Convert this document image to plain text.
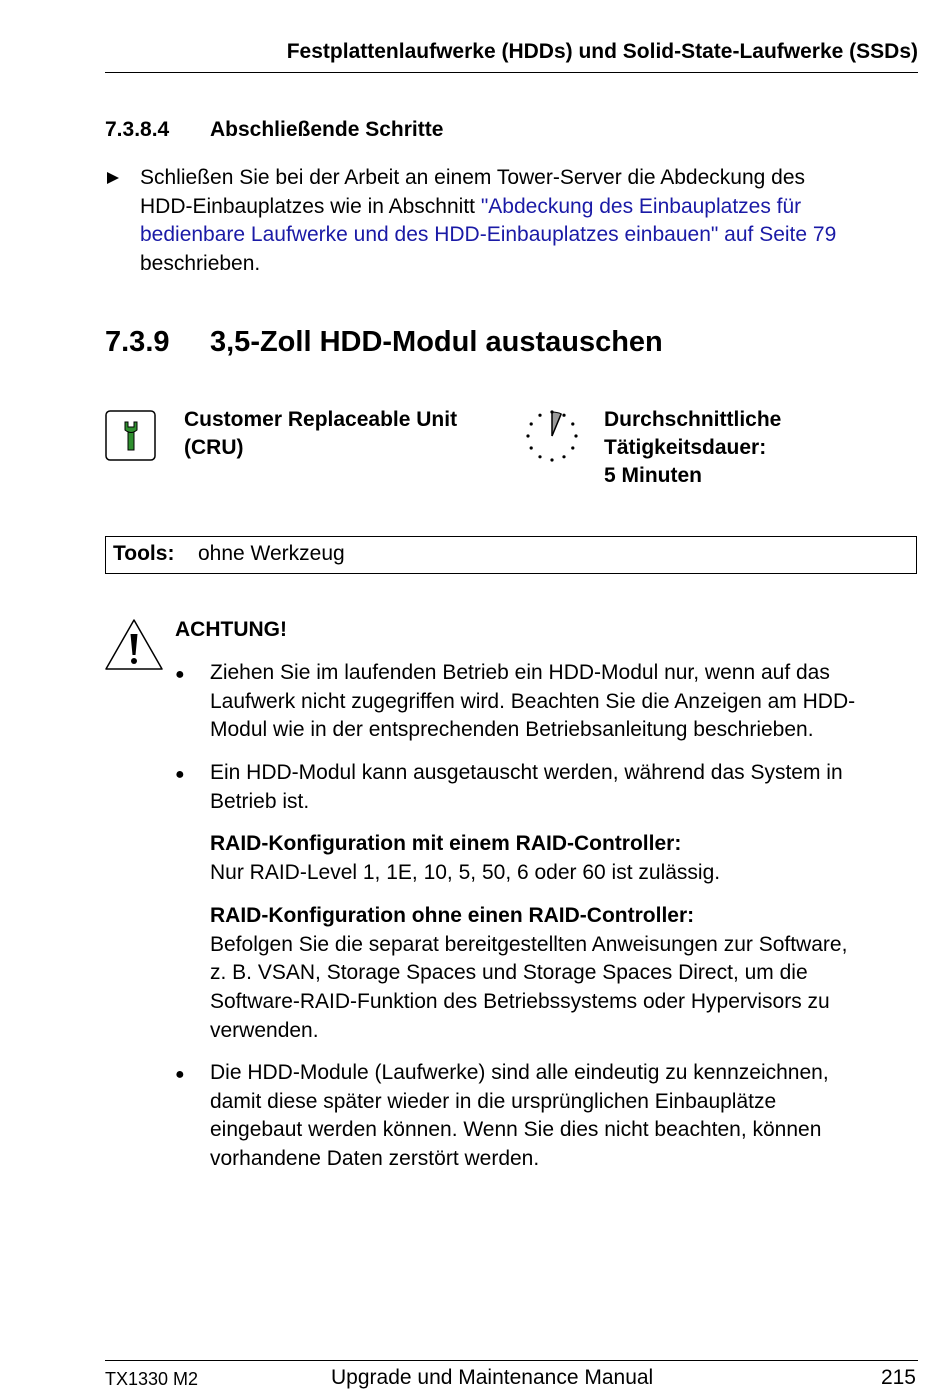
Festplattenlaufwerke (HDDs) und Solid-State-Laufwerke (SSDs)
7.3.8.4 Abschließende Schritte
Schließen Sie bei der Arbeit an einem Tower-Server die Abdeckung des
HDD-Einbauplatzes wie in Abschnitt "Abdeckung des Einbauplatzes für
bedienbare Laufwerke und des HDD-Einbauplatzes einbauen" auf Seite 79
beschrieben.
7.3.9 3,5-Zoll HDD-Modul austauschen
Customer Replaceable Unit
(CRU)
Durchschnittliche
Tätigkeitsdauer:
5 Minuten
Tools: ohne Werkzeug
ACHTUNG!
● Ziehen Sie im laufenden Betrieb ein HDD-Modul nur, wenn auf das
Laufwerk nicht zugegriffen wird. Beachten Sie die Anzeigen am HDD-
Modul wie in der entsprechenden Betriebsanleitung beschrieben.
● Ein HDD-Modul kann ausgetauscht werden, während das System in
Betrieb ist.
RAID-Konfiguration mit einem RAID-Controller:
Nur RAID-Level 1, 1E, 10, 5, 50, 6 oder 60 ist zulässig.
RAID-Konfiguration ohne einen RAID-Controller:
Befolgen Sie die separat bereitgestellten Anweisungen zur Software,
z. B. VSAN, Storage Spaces und Storage Spaces Direct, um die
Software-RAID-Funktion des Betriebssystems oder Hypervisors zu
verwenden.
● Die HDD-Module (Laufwerke) sind alle eindeutig zu kennzeichnen,
damit diese später wieder in die ursprünglichen Einbauplätze
eingebaut werden können. Wenn Sie dies nicht beachten, können
vorhandene Daten zerstört werden.
TX1330 M2	Upgrade und Maintenance Manual	215
